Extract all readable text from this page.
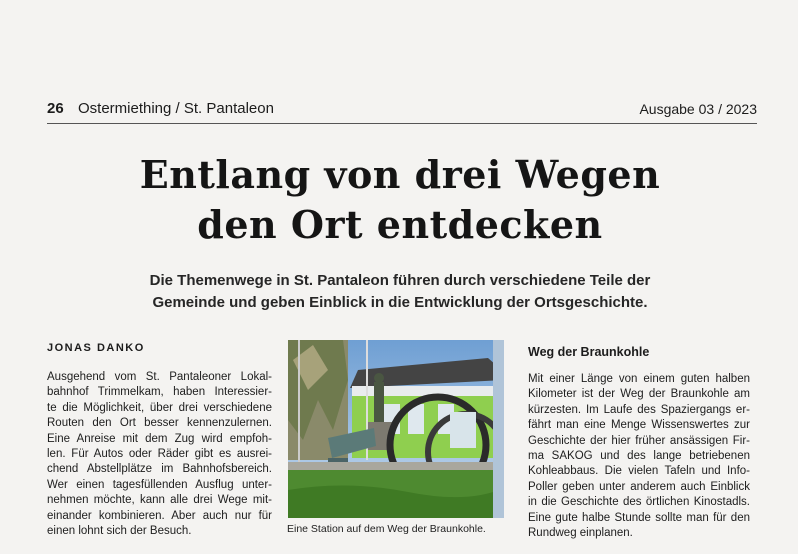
26 Ostermiething / St. Pantaleon	Ausgabe 03 / 2023
Entlang von drei Wegen
den Ort entdecken
Die Themenwege in St. Pantaleon führen durch verschiedene Teile der
Gemeinde und geben Einblick in die Entwicklung der Ortsgeschichte.
JONAS DANKO
Ausgehend vom St. Pantaleoner Lokal-
bahnhof Trimmelkam, haben Interessier-
te die Möglichkeit, über drei verschiedene
Routen den Ort besser kennenzulernen.
Eine Anreise mit dem Zug wird empfoh-
len. Für Autos oder Räder gibt es ausrei-
chend Abstellplätze im Bahnhofsbereich.
Wer einen tagesfüllenden Ausflug unter-
nehmen möchte, kann alle drei Wege mit-
einander kombinieren. Aber auch nur für
einen lohnt sich der Besuch.	Eine Station auf dem Weg der Braunkohle.
Weg der Braunkohle
Mit einer Länge von einem guten halben
Kilometer ist der Weg der Braunkohle am
kürzesten. Im Laufe des Spaziergangs er-
fährt man eine Menge Wissenswertes zur
Geschichte der hier früher ansässigen Fir-
ma SAKOG und des lange betriebenen
Kohleabbaus. Die vielen Tafeln und Info-
Poller geben unter anderem auch Einblick
in die Geschichte des örtlichen Kinostadls.
Eine gute halbe Stunde sollte man für den
Rundweg einplanen.
